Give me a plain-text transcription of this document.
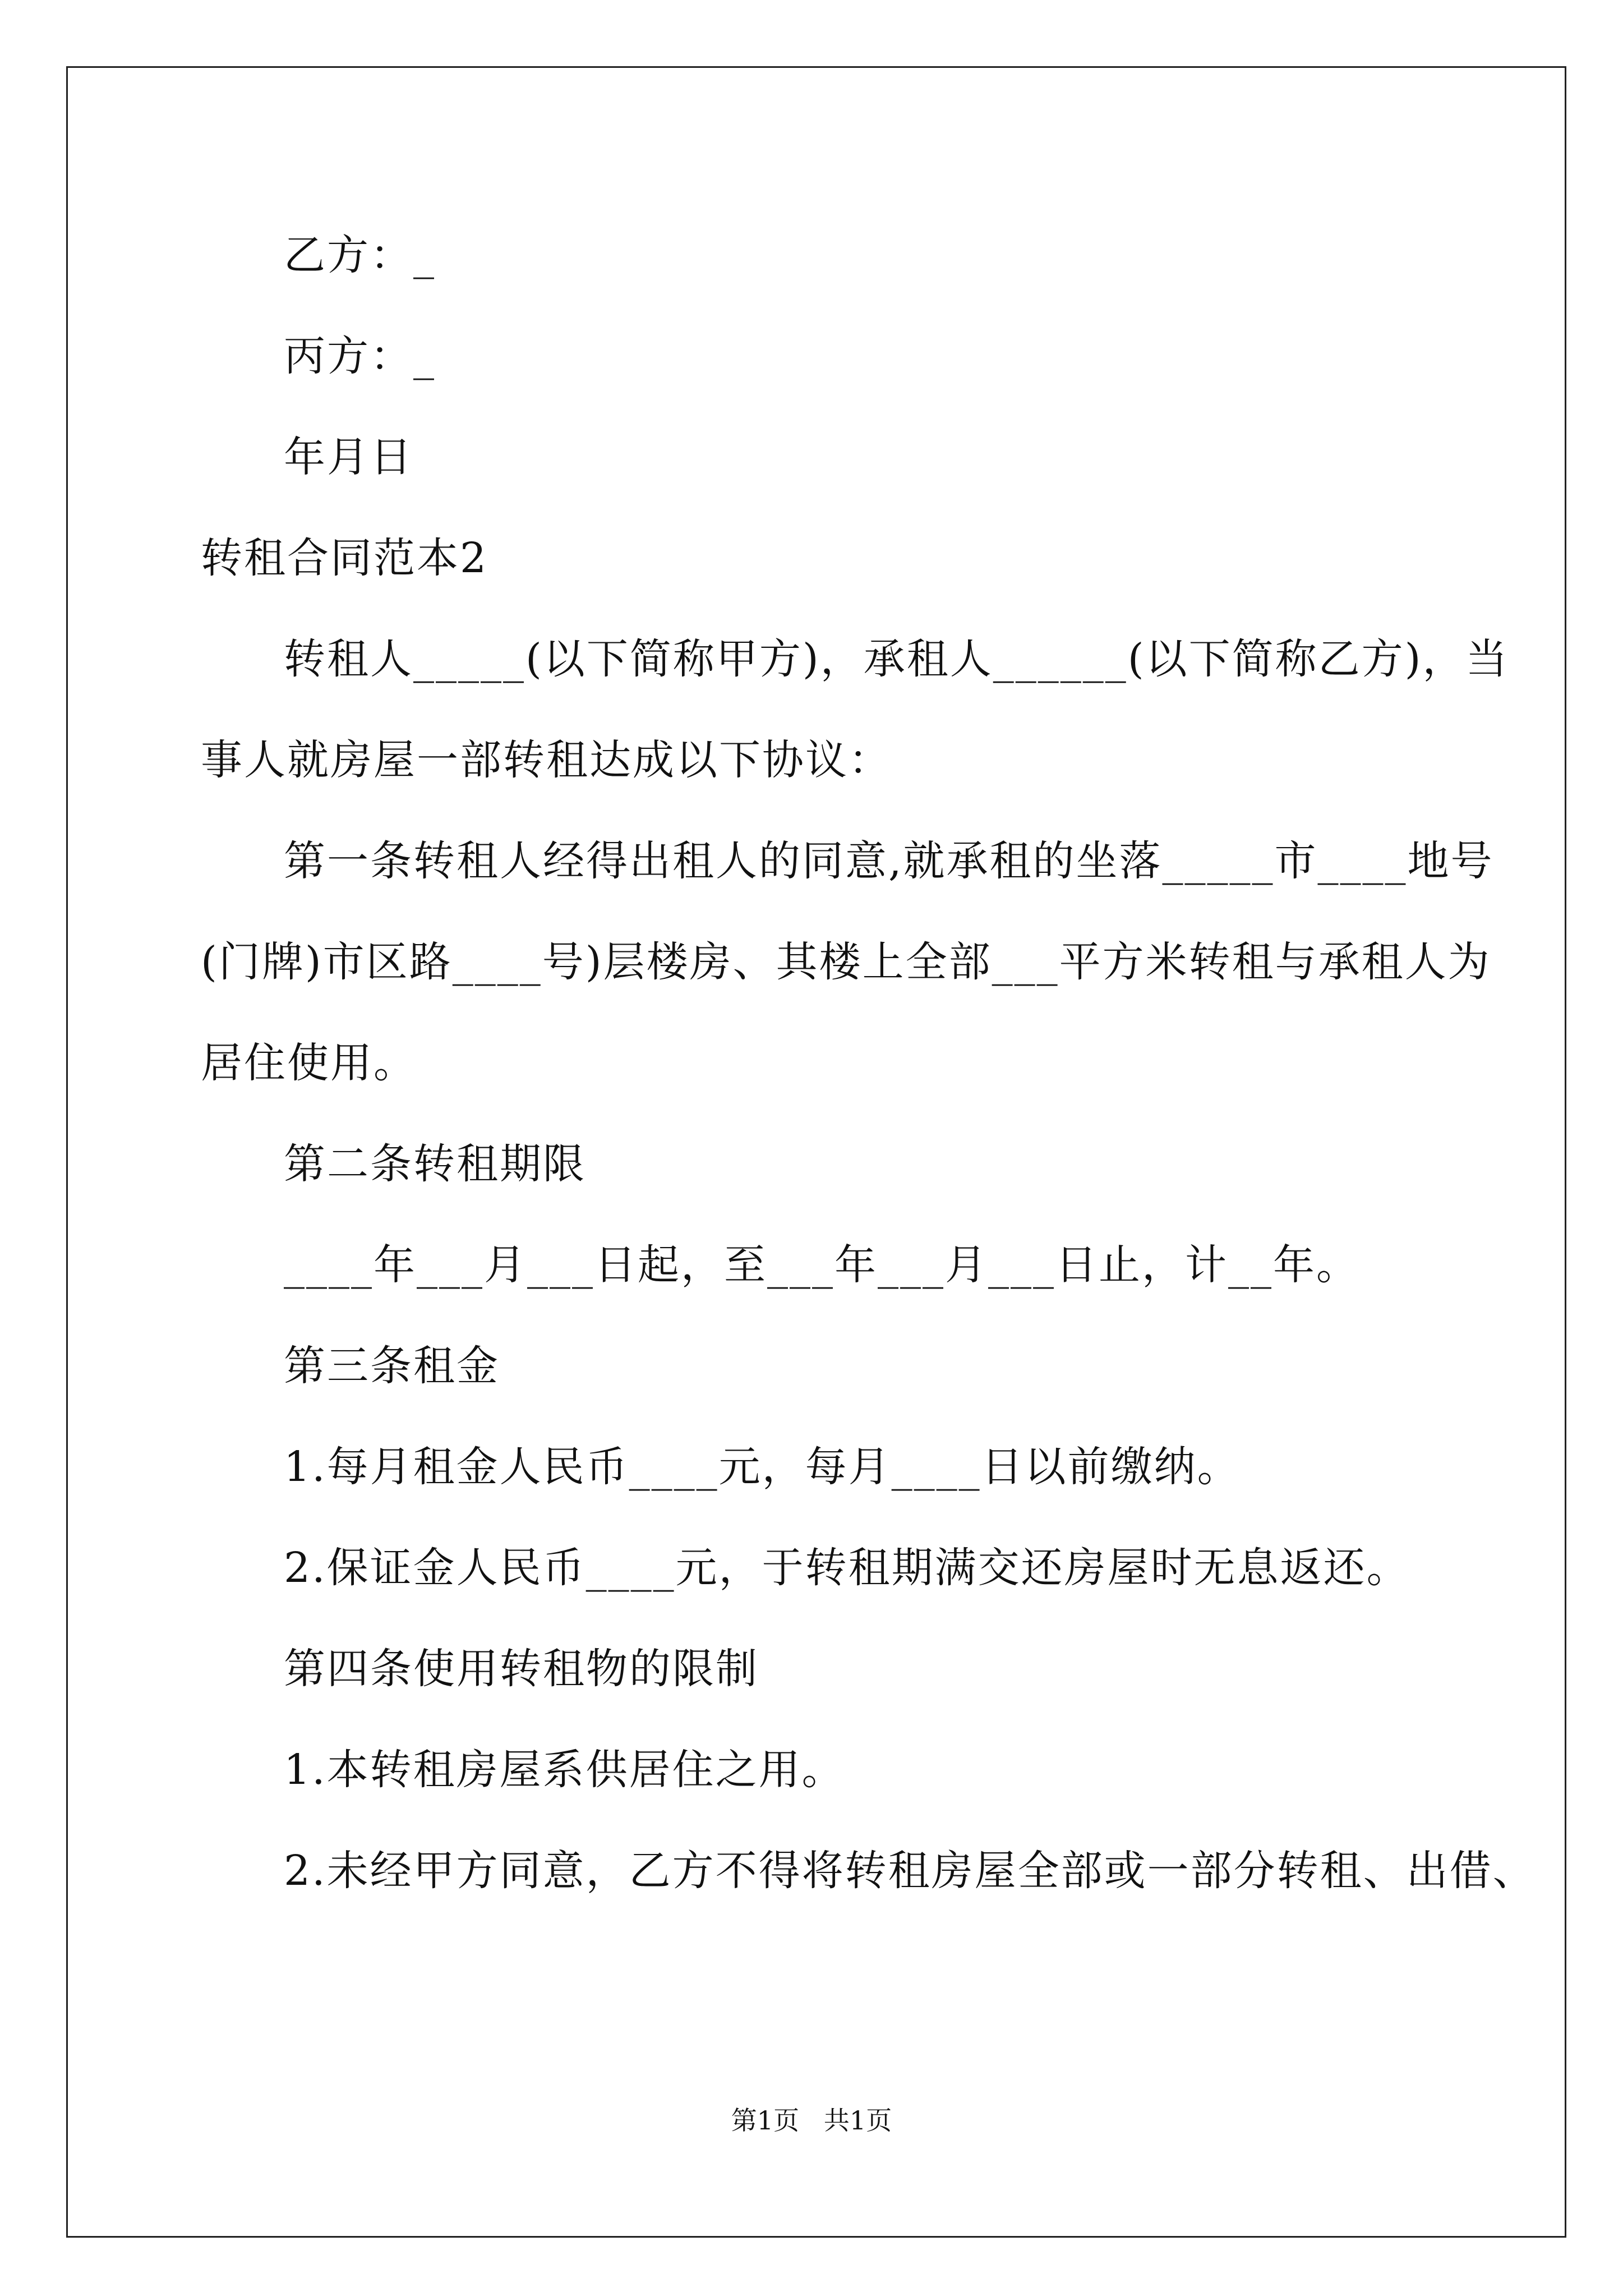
乙方：_
丙方：_
年月日
转租合同范本2
转租人_____(以下简称甲方)，承租人______(以下简称乙方)，当
事人就房屋一部转租达成以下协议：
第一条转租人经得出租人的同意,就承租的坐落_____市____地号
(门牌)市区路____号)层楼房、其楼上全部___平方米转租与承租人为
居住使用。
第二条转租期限
____年___月___日起，至___年___月___日止，计__年。
第三条租金
1.每月租金人民币____元，每月____日以前缴纳。
2.保证金人民币____元，于转租期满交还房屋时无息返还。
第四条使用转租物的限制
1.本转租房屋系供居住之用。
2.未经甲方同意，乙方不得将转租房屋全部或一部分转租、出借、
第1页   共1页
